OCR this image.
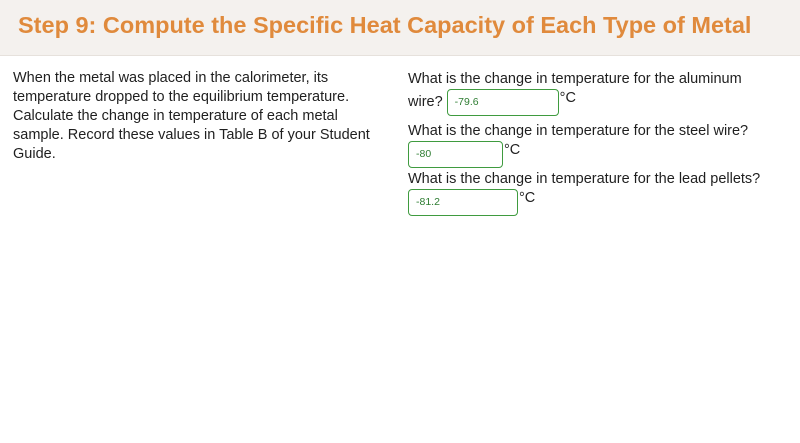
Step 9: Compute the Specific Heat Capacity of Each Type of Metal

When the metal was placed in the calorimeter, its temperature dropped to the equilibrium temperature. Calculate the change in temperature of each metal sample. Record these values in Table B of your Student Guide.

What is the change in temperature for the aluminum
wire?	-79.6	°C
What is the change in temperature for the steel wire?
-80	°C
What is the change in temperature for the lead pellets?
-81.2	°C
